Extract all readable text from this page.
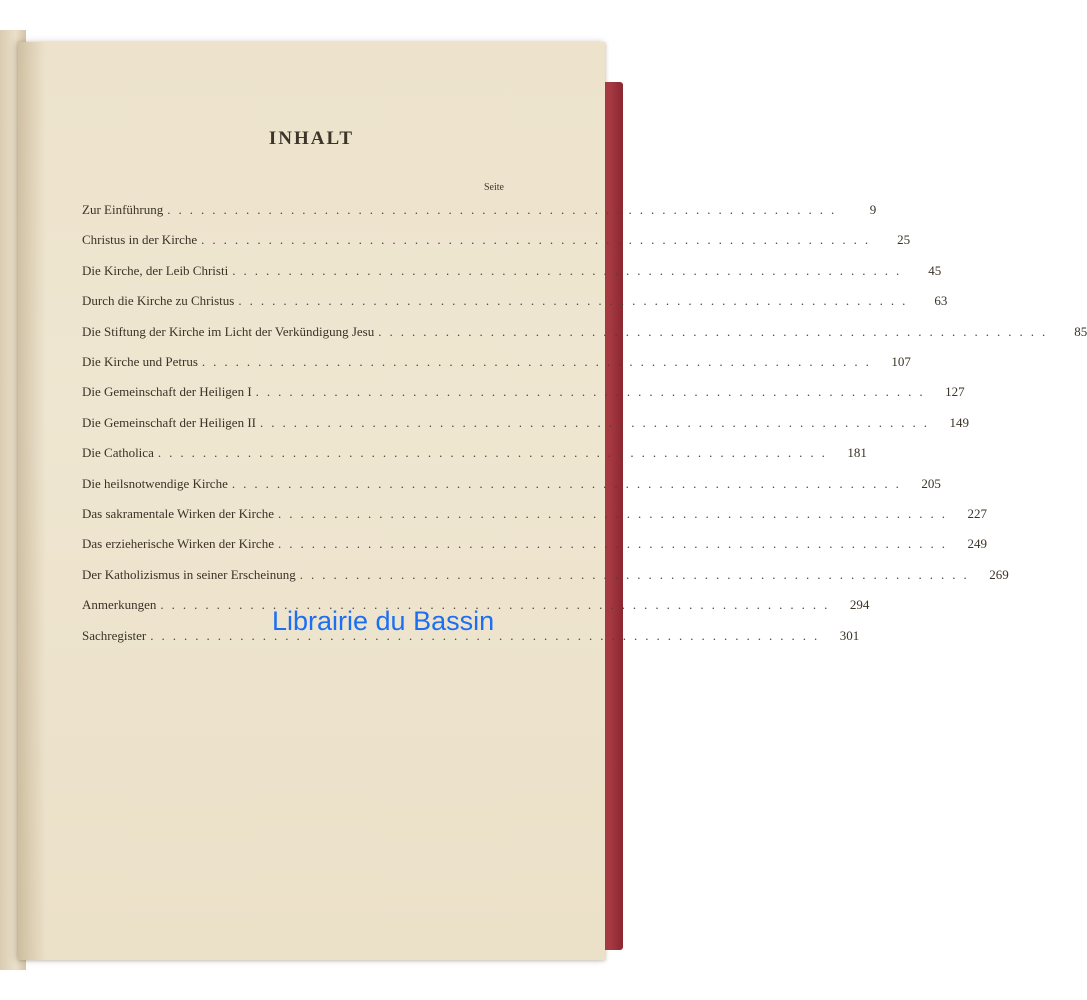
INHALT
Seite
Zur Einführung ............................................................	9
Christus in der Kirche ............................................................	25
Die Kirche, der Leib Christi ............................................................	45
Durch die Kirche zu Christus ............................................................	63
Die Stiftung der Kirche im Licht der Verkündigung Jesu ............................................................	85
Die Kirche und Petrus ............................................................	107
Die Gemeinschaft der Heiligen I ............................................................	127
Die Gemeinschaft der Heiligen II ............................................................	149
Die Catholica ............................................................	181
Die heilsnotwendige Kirche ............................................................	205
Das sakramentale Wirken der Kirche ............................................................	227
Das erzieherische Wirken der Kirche ............................................................	249
Der Katholizismus in seiner Erscheinung ............................................................	269
Anmerkungen ............................................................	294
Sachregister ............................................................	301
Librairie du Bassin
